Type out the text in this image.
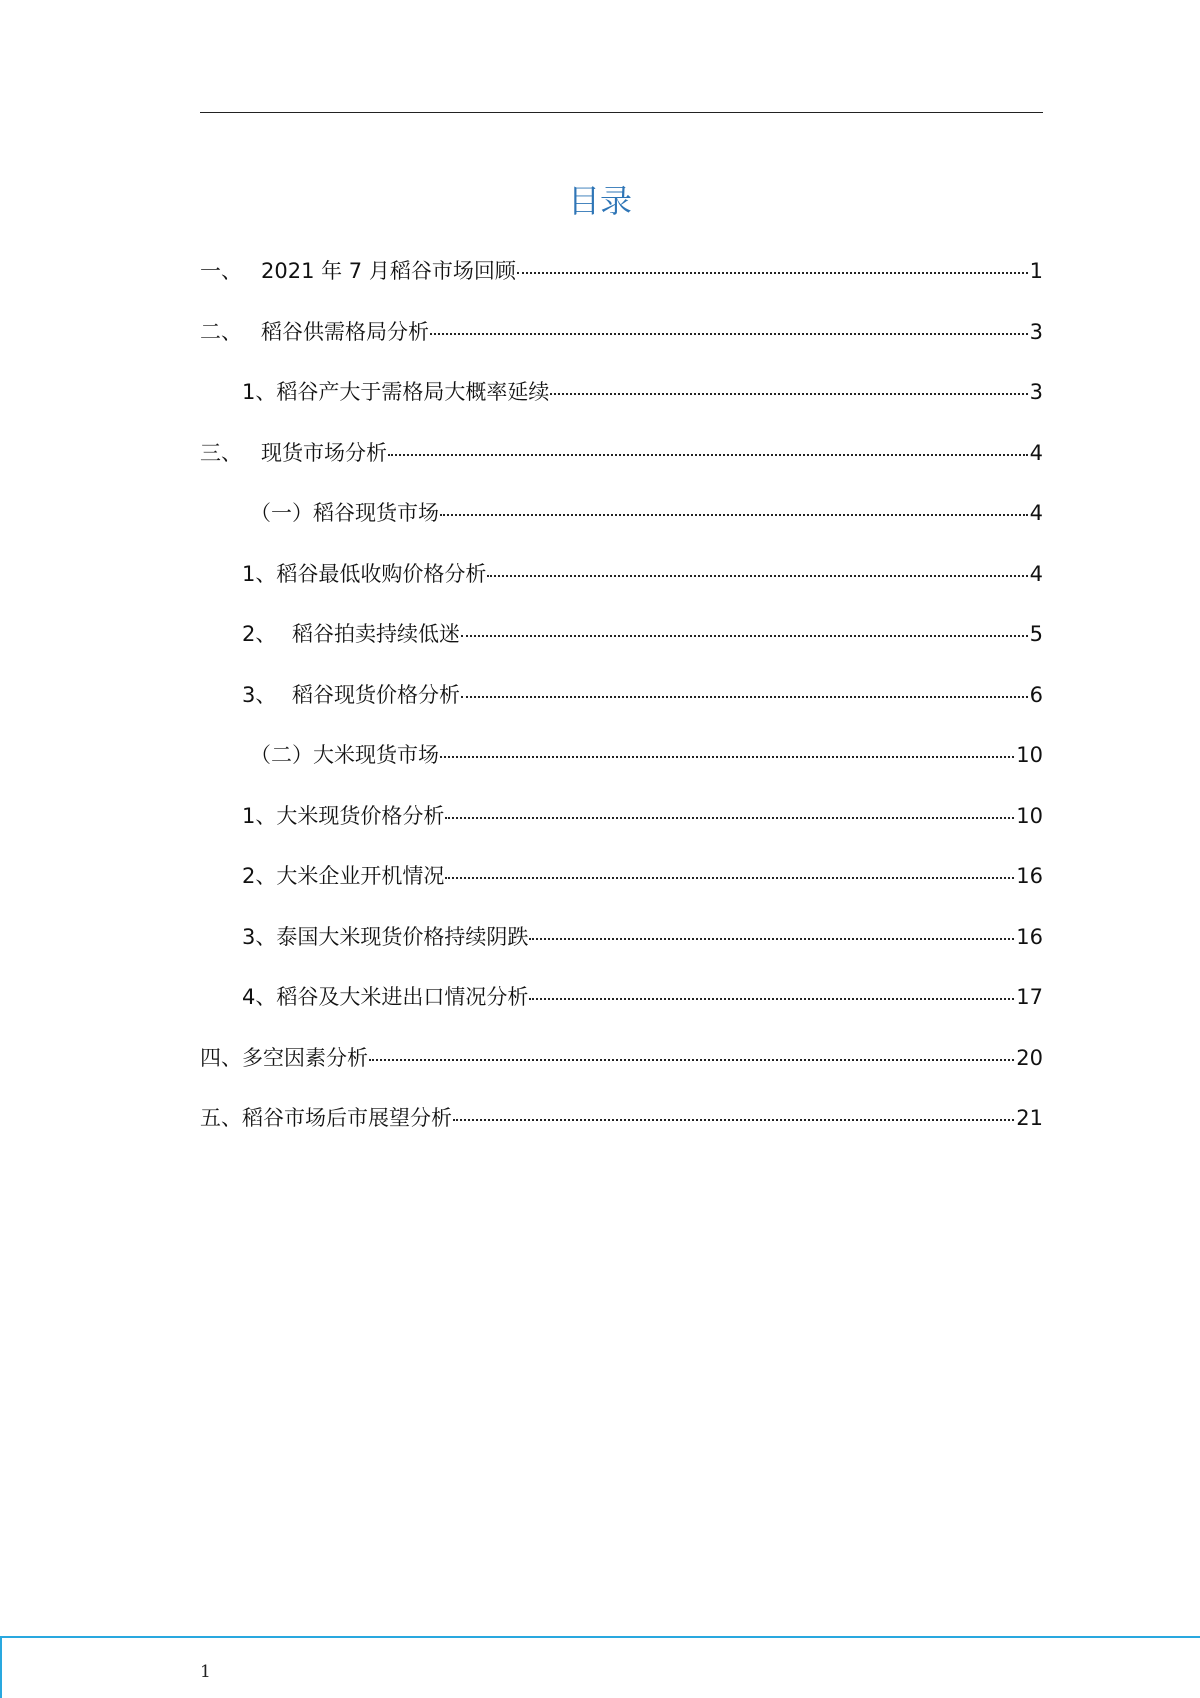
目录
一、 2021 年 7 月稻谷市场回顾	1
二、 稻谷供需格局分析	3
1、 稻谷产大于需格局大概率延续	3
三、 现货市场分析	4
（一） 稻谷现货市场	4
1、 稻谷最低收购价格分析	4
2、 稻谷拍卖持续低迷	5
3、 稻谷现货价格分析	6
（二） 大米现货市场	10
1、 大米现货价格分析	10
2、 大米企业开机情况	16
3、 泰国大米现货价格持续阴跌	16
4、 稻谷及大米进出口情况分析	17
四、 多空因素分析	20
五、 稻谷市场后市展望分析	21
1
